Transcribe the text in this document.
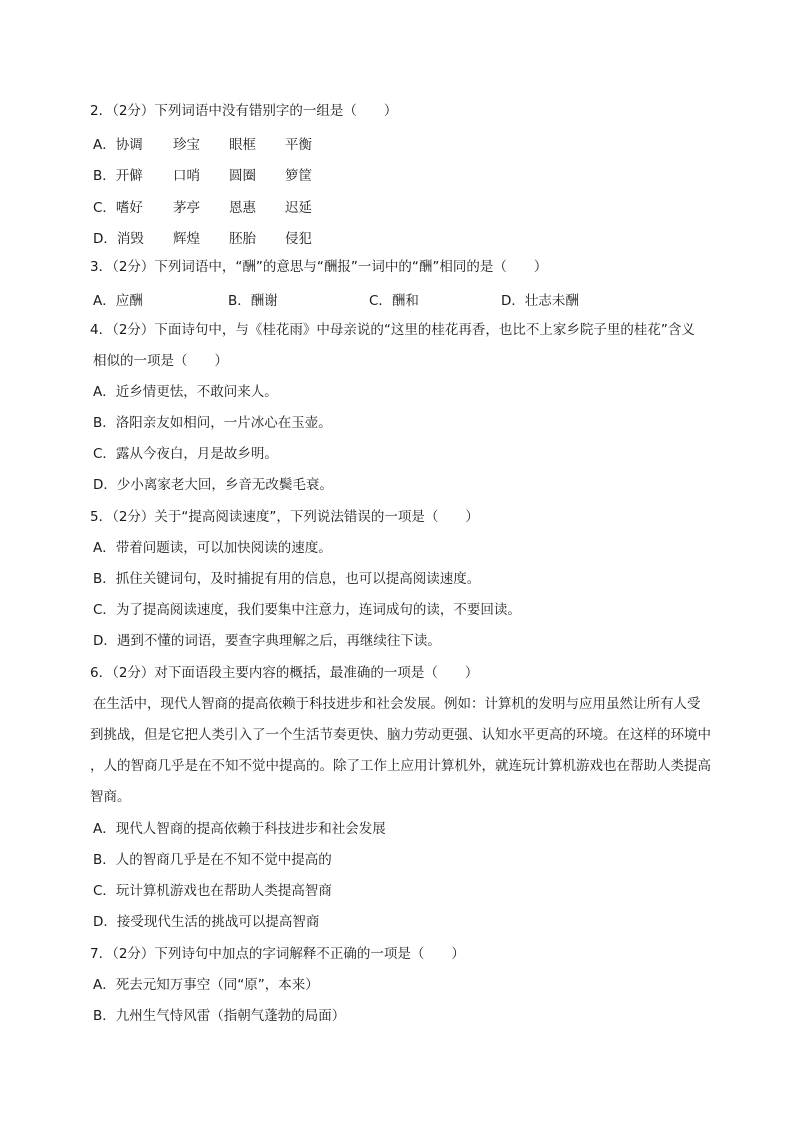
2．（2分）下列词语中没有错别字的一组是（　　）
A．协调 珍宝 眼框 平衡
B．开僻 口哨 圆圈 箩筐
C．嗜好 茅亭 恩惠 迟延
D．消毁 辉煌 胚胎 侵犯
3．（2分）下列词语中，“酬”的意思与“酬报”一词中的“酬”相同的是（　　）
A．应酬	B．酬谢	C．酬和	D．壮志未酬
4．（2分）下面诗句中，与《桂花雨》中母亲说的“这里的桂花再香，也比不上家乡院子里的桂花”含义
相似的一项是（　　）
A．近乡情更怯，不敢问来人。
B．洛阳亲友如相问，一片冰心在玉壶。
C．露从今夜白，月是故乡明。
D．少小离家老大回，乡音无改鬓毛衰。
5．（2分）关于“提高阅读速度”，下列说法错误的一项是（　　）
A．带着问题读，可以加快阅读的速度。
B．抓住关键词句，及时捕捉有用的信息，也可以提高阅读速度。
C．为了提高阅读速度，我们要集中注意力，连词成句的读，不要回读。
D．遇到不懂的词语，要查字典理解之后，再继续往下读。
6．（2分）对下面语段主要内容的概括，最准确的一项是（　　）
在生活中，现代人智商的提高依赖于科技进步和社会发展。例如：计算机的发明与应用虽然让所有人受
到挑战，但是它把人类引入了一个生活节奏更快、脑力劳动更强、认知水平更高的环境。在这样的环境中
，人的智商几乎是在不知不觉中提高的。除了工作上应用计算机外，就连玩计算机游戏也在帮助人类提高
智商。
A．现代人智商的提高依赖于科技进步和社会发展
B．人的智商几乎是在不知不觉中提高的
C．玩计算机游戏也在帮助人类提高智商
D．接受现代生活的挑战可以提高智商
7．（2分）下列诗句中加点的字词解释不正确的一项是（　　）
A．死去元知万事空（同“原”，本来）
B．九州生气恃风雷（指朝气蓬勃的局面）
